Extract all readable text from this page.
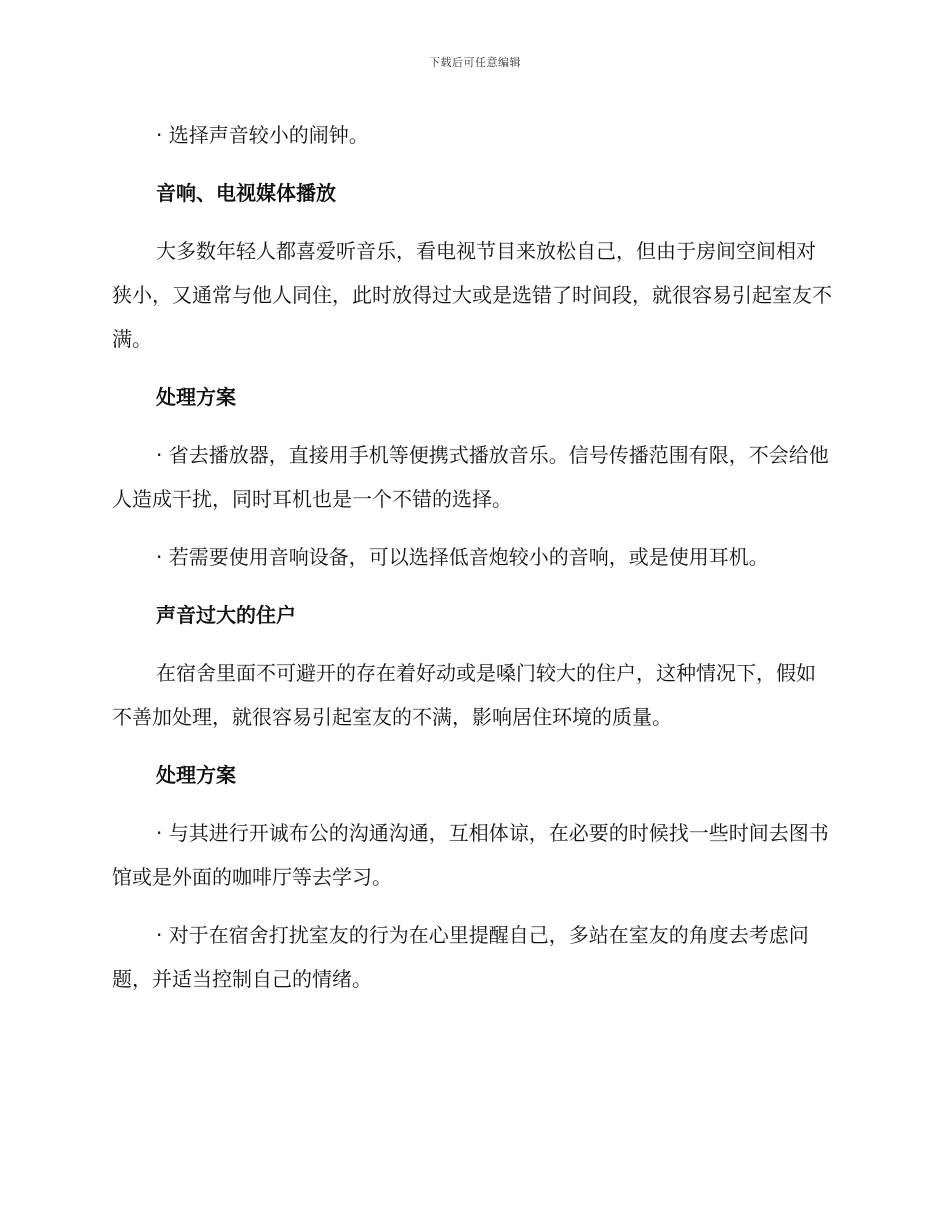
下载后可任意编辑

· 选择声音较小的闹钟。

音响、电视媒体播放

大多数年轻人都喜爱听音乐，看电视节目来放松自己，但由于房间空间相对狭小，又通常与他人同住，此时放得过大或是选错了时间段，就很容易引起室友不满。

处理方案

· 省去播放器，直接用手机等便携式播放音乐。信号传播范围有限，不会给他人造成干扰，同时耳机也是一个不错的选择。

· 若需要使用音响设备，可以选择低音炮较小的音响，或是使用耳机。

声音过大的住户

在宿舍里面不可避开的存在着好动或是嗓门较大的住户，这种情况下，假如不善加处理，就很容易引起室友的不满，影响居住环境的质量。

处理方案

· 与其进行开诚布公的沟通沟通，互相体谅，在必要的时候找一些时间去图书馆或是外面的咖啡厅等去学习。

· 对于在宿舍打扰室友的行为在心里提醒自己，多站在室友的角度去考虑问题，并适当控制自己的情绪。
